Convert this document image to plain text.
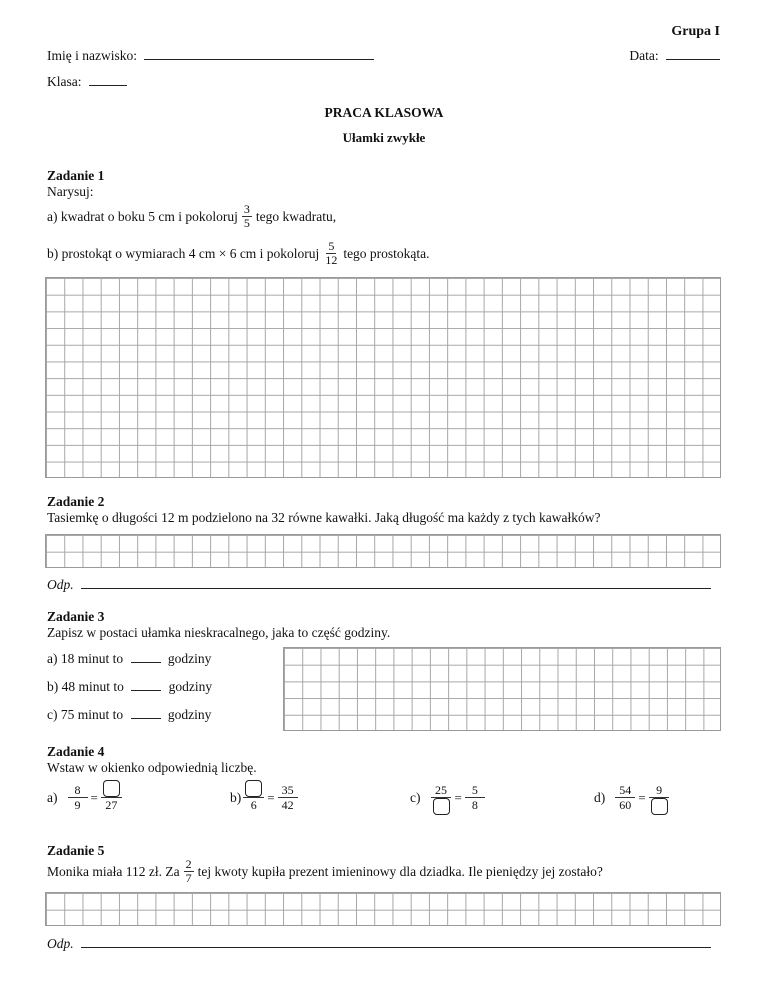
Grupa I
Imię i nazwisko:	Data:
Klasa:
PRACA KLASOWA
Ułamki zwykłe
Zadanie 1
Narysuj:
a) kwadrat o boku 5 cm i pokoloruj $\frac{3}{5}$ tego kwadratu,
b) prostokąt o wymiarach 4 cm × 6 cm i pokoloruj $\frac{5}{12}$ tego prostokąta.
Zadanie 2
Tasiemkę o długości 12 m podzielono na 32 równe kawałki. Jaką długość ma każdy z tych kawałków?
Odp.
Zadanie 3
Zapisz w postaci ułamka nieskracalnego, jaka to część godziny.
a) 18 minut to	godziny
b) 48 minut to	godziny
c) 75 minut to	godziny
Zadanie 4
Wstaw w okienko odpowiednią liczbę.
$a) \frac{8}{9}$ =
27
b)
6
= $\frac{35}{42}$	c)	$25 = \frac{5}{8}$	$d) \frac{54}{60} = 9$
Zadanie 5
Monika miała 112 zł. Za $\frac{2}{7}$ tej kwoty kupiła prezent imieninowy dla dziadka. Ile pieniędzy jej zostało?
Odp.
